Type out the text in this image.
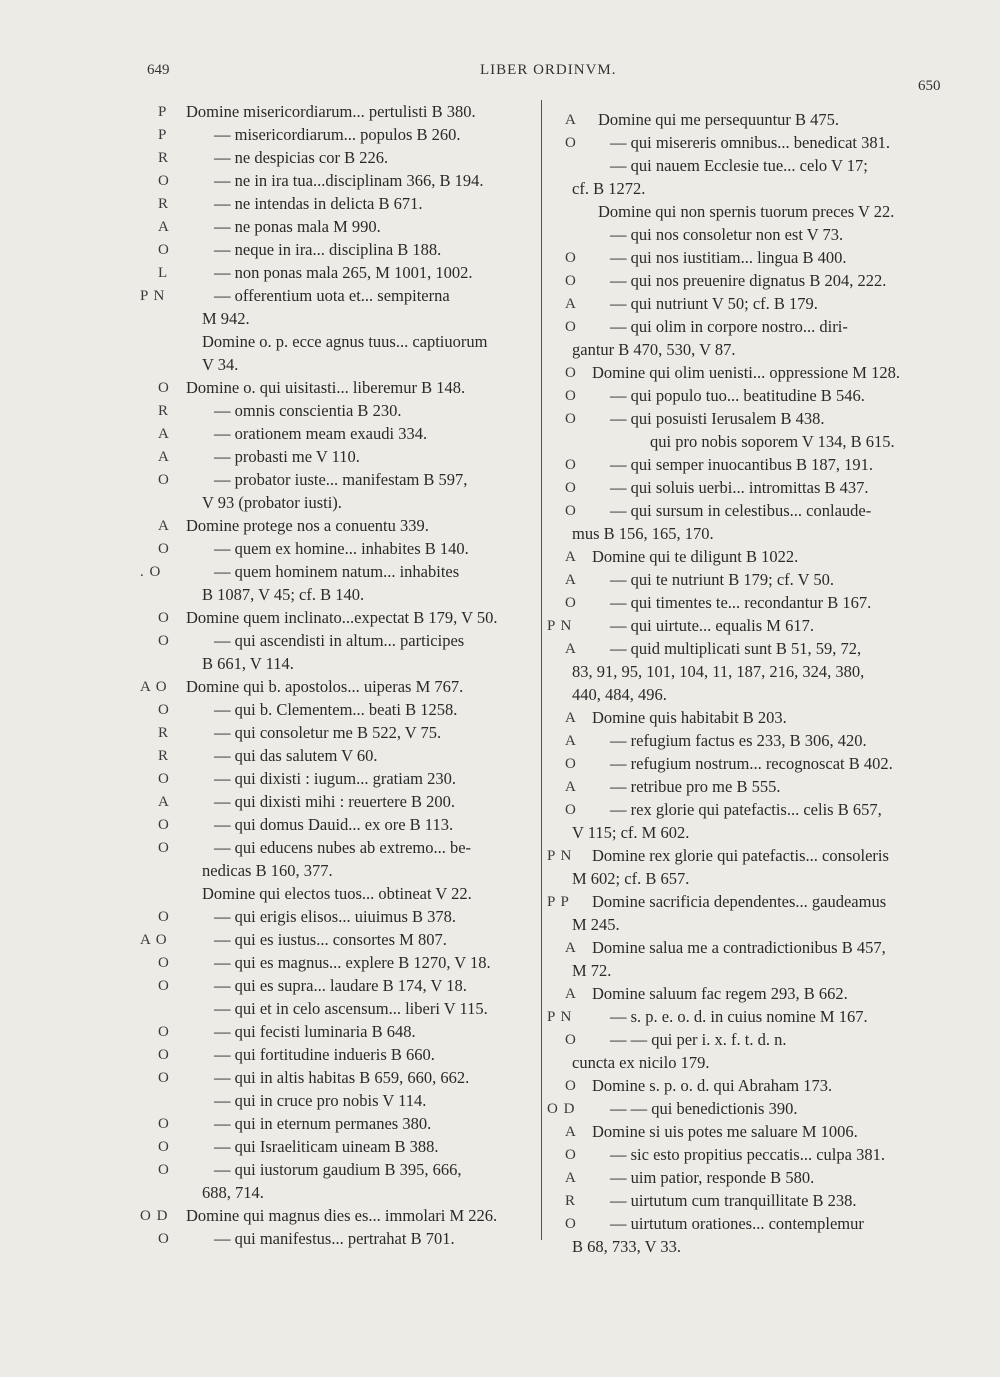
649	LIBER ORDINVM.
650
P Domine misericordiarum... pertulisti B 380.
P	— misericordiarum... populos B 260.
R	— ne despicias cor B 226.
O	— ne in ira tua...disciplinam 366, B 194.
R	— ne intendas in delicta B 671.
A	— ne ponas mala M 990.
O	— neque in ira... disciplina B 188.
L	— non ponas mala 265, M 1001, 1002.
P N	— offerentium uota et... sempiterna
M 942.
Domine o. p. ecce agnus tuus... captiuorum
V 34.
O Domine o. qui uisitasti... liberemur B 148.
R	— omnis conscientia B 230.
A	— orationem meam exaudi 334.
A	— probasti me V 110.
O	— probator iuste... manifestam B 597,
V 93 (probator iusti).
A Domine protege nos a conuentu 339.
O	— quem ex homine... inhabites B 140.
. O	— quem hominem natum... inhabites
B 1087, V 45; cf. B 140.
O Domine quem inclinato...expectat B 179, V 50.
O	— qui ascendisti in altum... participes
B 661, V 114.
A O Domine qui b. apostolos... uiperas M 767.
O	— qui b. Clementem... beati B 1258.
R	— qui consoletur me B 522, V 75.
R	— qui das salutem V 60.
O	— qui dixisti : iugum... gratiam 230.
A	— qui dixisti mihi : reuertere B 200.
O	— qui domus Dauid... ex ore B 113.
O	— qui educens nubes ab extremo... be-
nedicas B 160, 377.
Domine qui electos tuos... obtineat V 22.
O	— qui erigis elisos... uiuimus B 378.
A O	— qui es iustus... consortes M 807.
O	— qui es magnus... explere B 1270, V 18.
O	— qui es supra... laudare B 174, V 18.
— qui et in celo ascensum... liberi V 115.
O	— qui fecisti luminaria B 648.
O	— qui fortitudine indueris B 660.
O	— qui in altis habitas B 659, 660, 662.
— qui in cruce pro nobis V 114.
O	— qui in eternum permanes 380.
O	— qui Israeliticam uineam B 388.
O	— qui iustorum gaudium B 395, 666,
688, 714.
O D Domine qui magnus dies es... immolari M 226.
O	— qui manifestus... pertrahat B 701.
A Domine qui me persequuntur B 475.
O — qui misereris omnibus... benedicat 381.
— qui nauem Ecclesie tue... celo V 17;
cf. B 1272.
Domine qui non spernis tuorum preces V 22.
— qui nos consoletur non est V 73.
O — qui nos iustitiam... lingua B 400.
O — qui nos preuenire dignatus B 204, 222.
A — qui nutriunt V 50; cf. B 179.
O — qui olim in corpore nostro... diri-
gantur B 470, 530, V 87.
O Domine qui olim uenisti... oppressione M 128.
O — qui populo tuo... beatitudine B 546.
O — qui posuisti Ierusalem B 438.
qui pro nobis soporem V 134, B 615.
O — qui semper inuocantibus B 187, 191.
O — qui soluis uerbi... intromittas B 437.
O — qui sursum in celestibus... conlaude-
mus B 156, 165, 170.
A Domine qui te diligunt B 1022.
A — qui te nutriunt B 179; cf. V 50.
O — qui timentes te... recondantur B 167.
P N — qui uirtute... equalis M 617.
A — quid multiplicati sunt B 51, 59, 72,
83, 91, 95, 101, 104, 11, 187, 216, 324, 380,
440, 484, 496.
A Domine quis habitabit B 203.
A — refugium factus es 233, B 306, 420.
O — refugium nostrum... recognoscat B 402.
A — retribue pro me B 555.
O — rex glorie qui patefactis... celis B 657,
V 115; cf. M 602.
P N Domine rex glorie qui patefactis... consoleris
M 602; cf. B 657.
P P Domine sacrificia dependentes... gaudeamus
M 245.
A Domine salua me a contradictionibus B 457,
M 72.
A Domine saluum fac regem 293, B 662.
P N — s. p. e. o. d. in cuius nomine M 167.
O — — qui per i. x. f. t. d. n.
cuncta ex nicilo 179.
O Domine s. p. o. d. qui Abraham 173.
O D — — qui benedictionis 390.
A Domine si uis potes me saluare M 1006.
O — sic esto propitius peccatis... culpa 381.
A — uim patior, responde B 580.
R — uirtutum cum tranquillitate B 238.
O — uirtutum orationes... contemplemur
B 68, 733, V 33.
